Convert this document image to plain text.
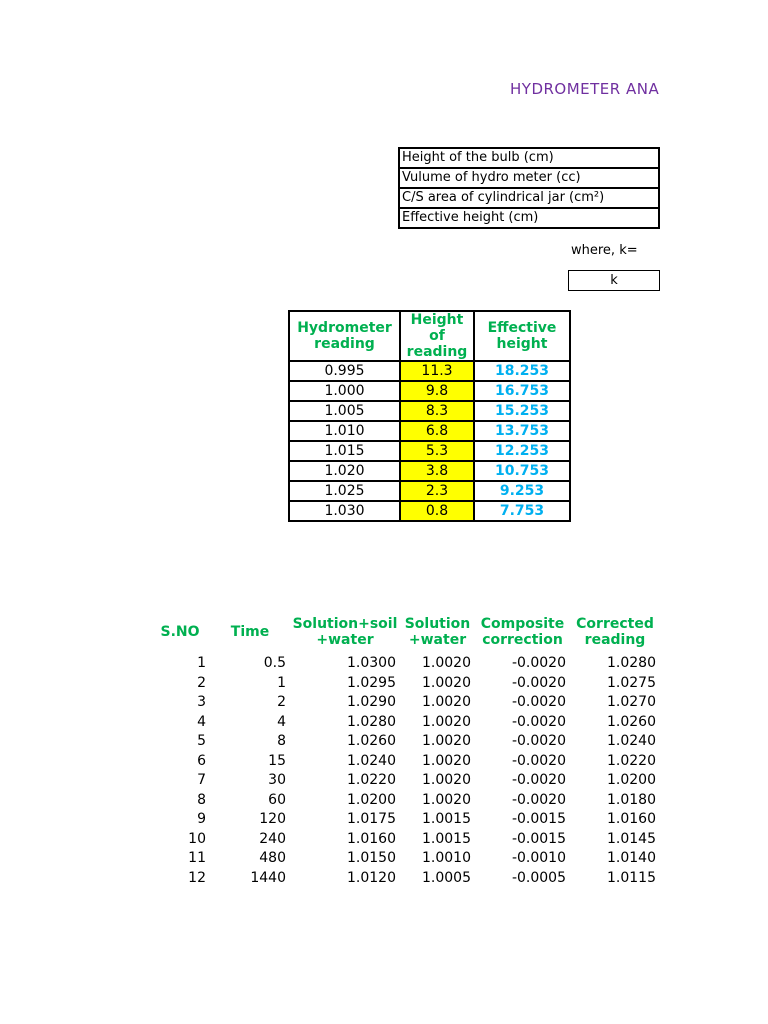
HYDROMETER ANA
Height of the bulb (cm)
Vulume of hydro meter (cc)
C/S area of cylindrical jar (cm²)
Effective height (cm)
where, k=
k
Hydrometer reading	Height of reading	Effective height
0.995	11.3	18.253
1.000	9.8	16.753
1.005	8.3	15.253
1.010	6.8	13.753
1.015	5.3	12.253
1.020	3.8	10.753
1.025	2.3	9.253
1.030	0.8	7.753
S.NO	Time	Solution+soil +water	Solution +water	Composite correction	Corrected reading
1	0.5	1.0300	1.0020	-0.0020	1.0280
2	1	1.0295	1.0020	-0.0020	1.0275
3	2	1.0290	1.0020	-0.0020	1.0270
4	4	1.0280	1.0020	-0.0020	1.0260
5	8	1.0260	1.0020	-0.0020	1.0240
6	15	1.0240	1.0020	-0.0020	1.0220
7	30	1.0220	1.0020	-0.0020	1.0200
8	60	1.0200	1.0020	-0.0020	1.0180
9	120	1.0175	1.0015	-0.0015	1.0160
10	240	1.0160	1.0015	-0.0015	1.0145
11	480	1.0150	1.0010	-0.0010	1.0140
12	1440	1.0120	1.0005	-0.0005	1.0115
